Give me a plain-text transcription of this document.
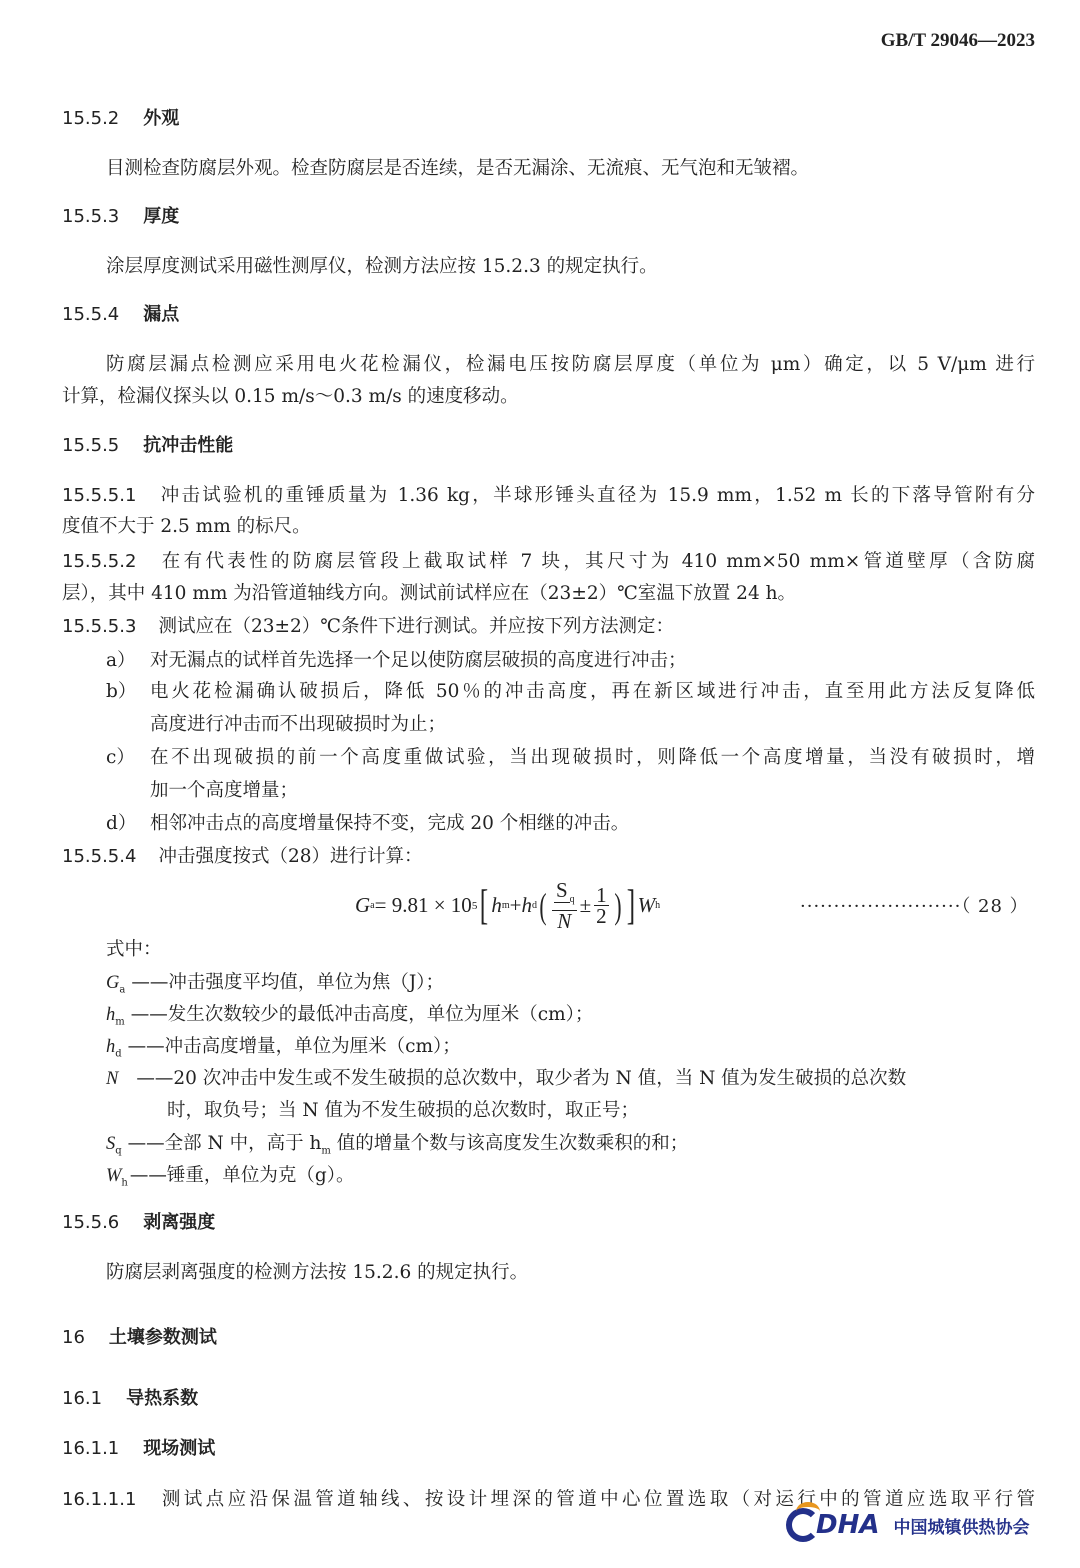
GB/T 29046—2023
15.5.2 外观
目测检查防腐层外观。检查防腐层是否连续，是否无漏涂、无流痕、无气泡和无皱褶。
15.5.3 厚度
涂层厚度测试采用磁性测厚仪，检测方法应按 15.2.3 的规定执行。
15.5.4 漏点
防腐层漏点检测应采用电火花检漏仪，检漏电压按防腐层厚度（单位为 μm）确定，以 5 V/μm 进行
计算，检漏仪探头以 0.15 m/s～0.3 m/s 的速度移动。
15.5.5 抗冲击性能
15.5.5.1 冲击试验机的重锤质量为 1.36 kg，半球形锤头直径为 15.9 mm，1.52 m 长的下落导管附有分
度值不大于 2.5 mm 的标尺。
15.5.5.2 在有代表性的防腐层管段上截取试样 7 块，其尺寸为 410 mm×50 mm×管道壁厚（含防腐
层），其中 410 mm 为沿管道轴线方向。测试前试样应在（23±2）℃室温下放置 24 h。
15.5.5.3 测试应在（23±2）℃条件下进行测试。并应按下列方法测定：
a） 对无漏点的试样首先选择一个足以使防腐层破损的高度进行冲击；
b） 电火花检漏确认破损后，降低 50％的冲击高度，再在新区域进行冲击，直至用此方法反复降低
高度进行冲击而不出现破损时为止；
c） 在不出现破损的前一个高度重做试验，当出现破损时，则降低一个高度增量，当没有破损时，增
加一个高度增量；
d） 相邻冲击点的高度增量保持不变，完成 20 个相继的冲击。
15.5.5.4 冲击强度按式（28）进行计算：
G a = 9.81 × 10 5 [ h m + h d ( $\frac{S _q}{N} \pm \frac{1}{2}$ ) ] W h	························（ 28 ）
式中：
$G_a$ ——冲击强度平均值，单位为焦（J）；
$h_m$ ——发生次数较少的最低冲击高度，单位为厘米（cm）；
$h_d$ ——冲击高度增量，单位为厘米（cm）；
N ——20 次冲击中发生或不发生破损的总次数中，取少者为 N 值，当 N 值为发生破损的总次数
时，取负号；当 N 值为不发生破损的总次数时，取正号；
$S_q$ ——全部 N 中，高于 $h_m$ 值的增量个数与该高度发生次数乘积的和；
$W_h$ ——锤重，单位为克（g）。
15.5.6 剥离强度
防腐层剥离强度的检测方法按 15.2.6 的规定执行。
16 土壤参数测试
16.1 导热系数
16.1.1 现场测试
16.1.1.1 测试点应沿保温管道轴线、按设计埋深的管道中心位置选取（对运行中的管道应选取平行管
DHA 中国城镇供热协会
